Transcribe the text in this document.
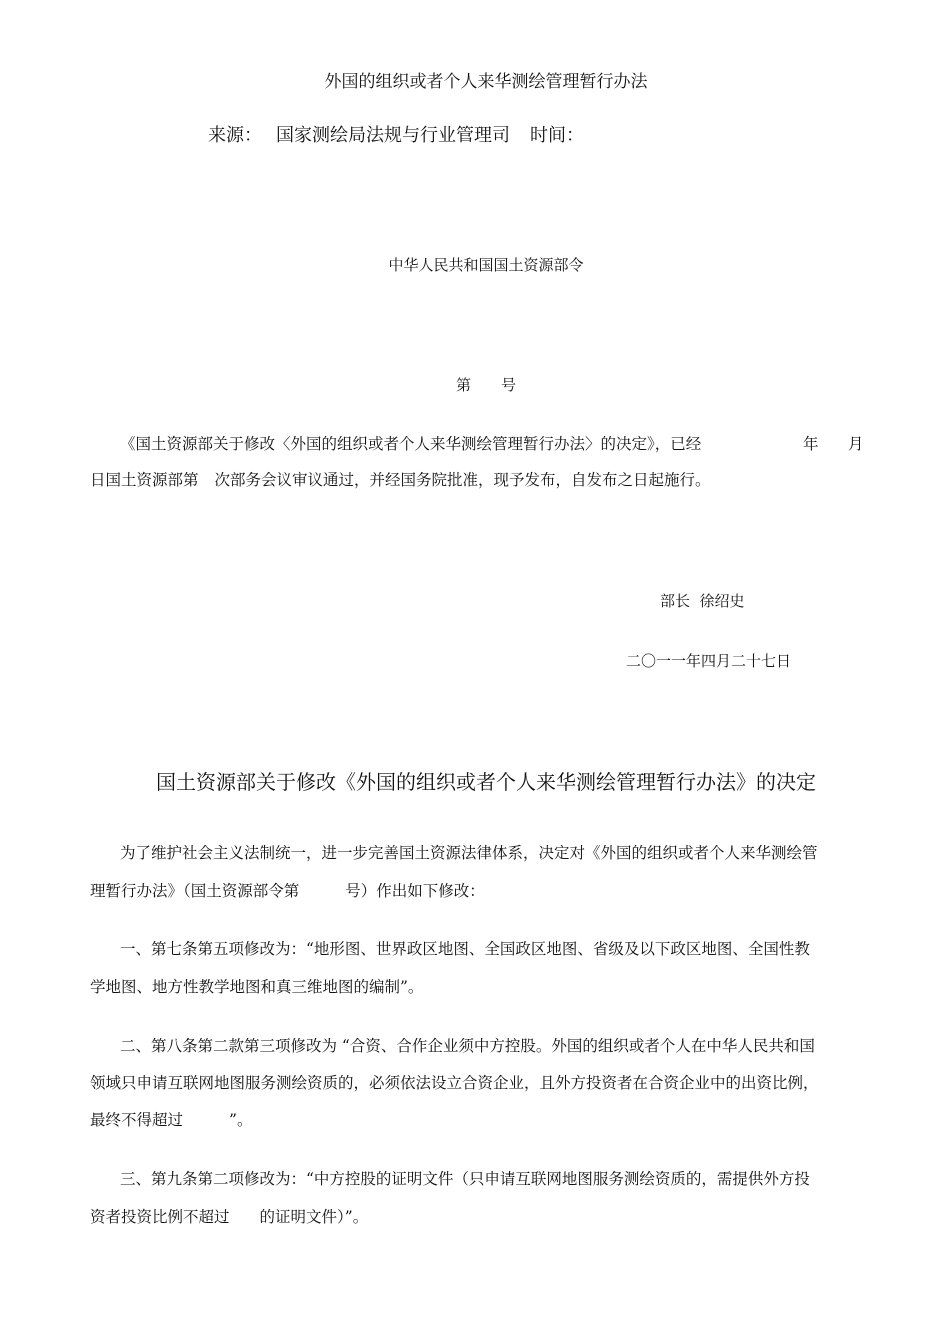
外国的组织或者个人来华测绘管理暂行办法
来源： 国家测绘局法规与行业管理司 时间：
中华人民共和国国土资源部令
第 号
《国土资源部关于修改〈外国的组织或者个人来华测绘管理暂行办法〉的决定》，已经	年 月
日国土资源部第 次部务会议审议通过，并经国务院批准，现予发布，自发布之日起施行。
部长  徐绍史
二〇一一年四月二十七日
国土资源部关于修改《外国的组织或者个人来华测绘管理暂行办法》的决定
为了维护社会主义法制统一，进一步完善国土资源法律体系，决定对《外国的组织或者个人来华测绘管
理暂行办法》（国土资源部令第	号）作出如下修改：
一、第七条第五项修改为：“地形图、世界政区地图、全国政区地图、省级及以下政区地图、全国性教
学地图、地方性教学地图和真三维地图的编制”。
二、第八条第二款第三项修改为 “合资、合作企业须中方控股。外国的组织或者个人在中华人民共和国
领域只申请互联网地图服务测绘资质的，必须依法设立合资企业，且外方投资者在合资企业中的出资比例，
最终不得超过	”。
三、第九条第二项修改为：“中方控股的证明文件（只申请互联网地图服务测绘资质的，需提供外方投
资者投资比例不超过 的证明文件）”。
